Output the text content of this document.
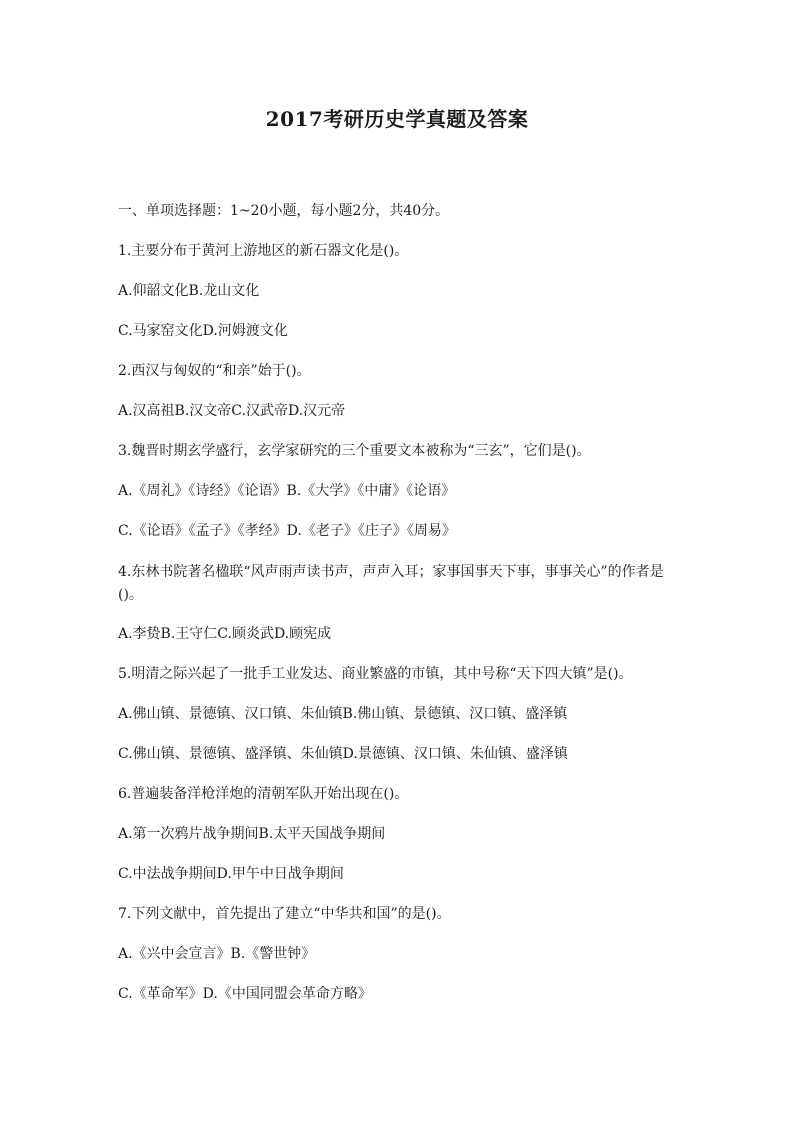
2017考研历史学真题及答案

一、单项选择题：1~20小题，每小题2分，共40分。

1.主要分布于黄河上游地区的新石器文化是()。

A.仰韶文化B.龙山文化

C.马家窑文化D.河姆渡文化

2.西汉与匈奴的“和亲”始于()。

A.汉高祖B.汉文帝C.汉武帝D.汉元帝

3.魏晋时期玄学盛行，玄学家研究的三个重要文本被称为“三玄”，它们是()。

A.《周礼》《诗经》《论语》B.《大学》《中庸》《论语》

C.《论语》《孟子》《孝经》D.《老子》《庄子》《周易》

4.东林书院著名楹联“风声雨声读书声，声声入耳；家事国事天下事，事事关心”的作者是()。

A.李贽B.王守仁C.顾炎武D.顾宪成

5.明清之际兴起了一批手工业发达、商业繁盛的市镇，其中号称“天下四大镇”是()。

A.佛山镇、景德镇、汉口镇、朱仙镇B.佛山镇、景德镇、汉口镇、盛泽镇

C.佛山镇、景德镇、盛泽镇、朱仙镇D.景德镇、汉口镇、朱仙镇、盛泽镇

6.普遍装备洋枪洋炮的清朝军队开始出现在()。

A.第一次鸦片战争期间B.太平天国战争期间

C.中法战争期间D.甲午中日战争期间

7.下列文献中，首先提出了建立“中华共和国”的是()。

A.《兴中会宣言》B.《警世钟》

C.《革命军》D.《中国同盟会革命方略》
